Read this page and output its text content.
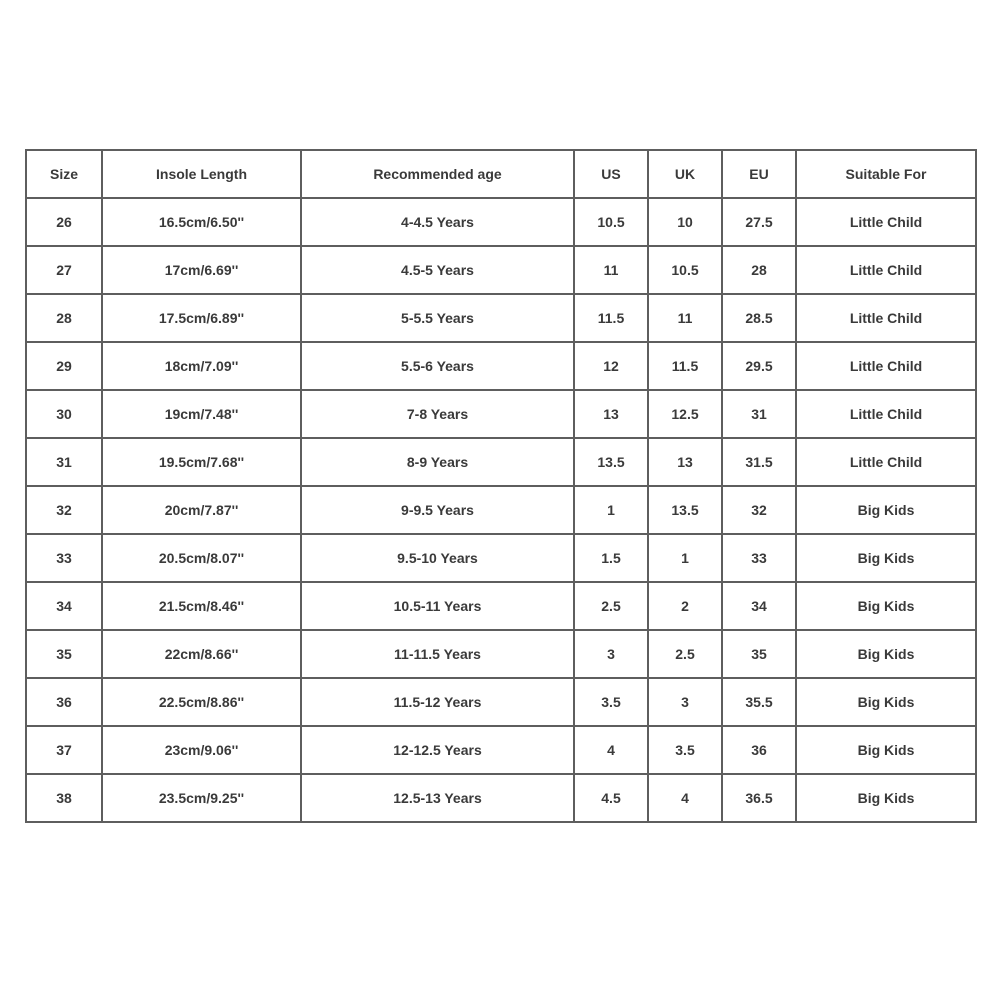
Size	Insole Length	Recommended age	US	UK	EU	Suitable For
26	16.5cm/6.50''	4-4.5 Years	10.5	10	27.5	Little Child
27	17cm/6.69''	4.5-5 Years	11	10.5	28	Little Child
28	17.5cm/6.89''	5-5.5 Years	11.5	11	28.5	Little Child
29	18cm/7.09''	5.5-6 Years	12	11.5	29.5	Little Child
30	19cm/7.48''	7-8 Years	13	12.5	31	Little Child
31	19.5cm/7.68''	8-9 Years	13.5	13	31.5	Little Child
32	20cm/7.87''	9-9.5 Years	1	13.5	32	Big Kids
33	20.5cm/8.07''	9.5-10 Years	1.5	1	33	Big Kids
34	21.5cm/8.46''	10.5-11 Years	2.5	2	34	Big Kids
35	22cm/8.66''	11-11.5 Years	3	2.5	35	Big Kids
36	22.5cm/8.86''	11.5-12 Years	3.5	3	35.5	Big Kids
37	23cm/9.06''	12-12.5 Years	4	3.5	36	Big Kids
38	23.5cm/9.25''	12.5-13 Years	4.5	4	36.5	Big Kids
